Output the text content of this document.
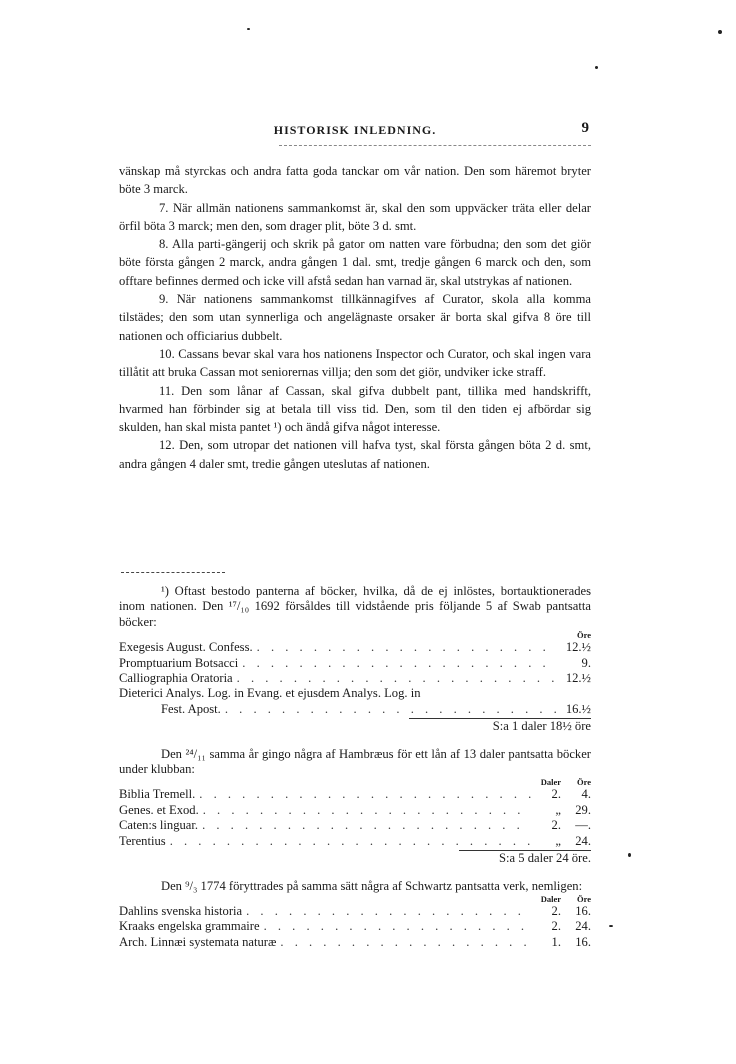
HISTORISK INLEDNING.	9

vänskap må styrckas och andra fatta goda tanckar om vår nation. Den som häremot bryter böte 3 marck.

7. När allmän nationens sammankomst är, skal den som uppväcker träta eller delar örfil böta 3 marck; men den, som drager plit, böte 3 d. smt.

8. Alla parti-gängerij och skrik på gator om natten vare förbudna; den som det giör böte första gången 2 marck, andra gången 1 dal. smt, tredje gången 6 marck och den, som offtare befinnes dermed och icke vill afstå sedan han varnad är, skal utstrykas af nationen.

9. När nationens sammankomst tillkännagifves af Curator, skola alla komma tilstädes; den som utan synnerliga och angelägnaste orsaker är borta skal gifva 8 öre till nationen och officiarius dubbelt.

10. Cassans bevar skal vara hos nationens Inspector och Curator, och skal ingen vara tillåtit att bruka Cassan mot seniorernas villja; den som det giör, undviker icke straff.

11. Den som lånar af Cassan, skal gifva dubbelt pant, tillika med handskrifft, hvarmed han förbinder sig at betala till viss tid. Den, som til den tiden ej afbördar sig skulden, han skal mista pantet ¹) och ändå gifva något interesse.

12. Den, som utropar det nationen vill hafva tyst, skal första gången böta 2 d. smt, andra gången 4 daler smt, tredie gången uteslutas af nationen.

¹) Oftast bestodo panterna af böcker, hvilka, då de ej inlöstes, bortauktionerades inom nationen. Den ¹⁷/₁₀ 1692 försåldes till vidstående pris följande 5 af Swab pantsatta böcker:

Öre
Exegesis August. Confess. . . .	12.½
Promptuarium Botsacci . . .	9.
Calliographia Oratoria . . .	12.½
Dieterici Analys. Log. in Evang. et ejusdem Analys. Log. in
Fest. Apost. . . .	16.½
S:a 1 daler 18½ öre

Den ²⁴/₁₁ samma år gingo några af Hambræus för ett lån af 13 daler pantsatta böcker under klubban:

Daler	Öre
Biblia Tremell. . . .	2.	4.
Genes. et Exod. . . .	„	29.
Caten:s linguar. . . .	2.	—.
Terentius . . .	„	24.
S:a 5 daler 24 öre.

Den ⁹/₃ 1774 föryttrades på samma sätt några af Schwartz pantsatta verk, nemligen:

Daler	Öre
Dahlins svenska historia . . .	2.	16.
Kraaks engelska grammaire . . .	2.	24.
Arch. Linnæi systemata naturæ . . .	1.	16.
